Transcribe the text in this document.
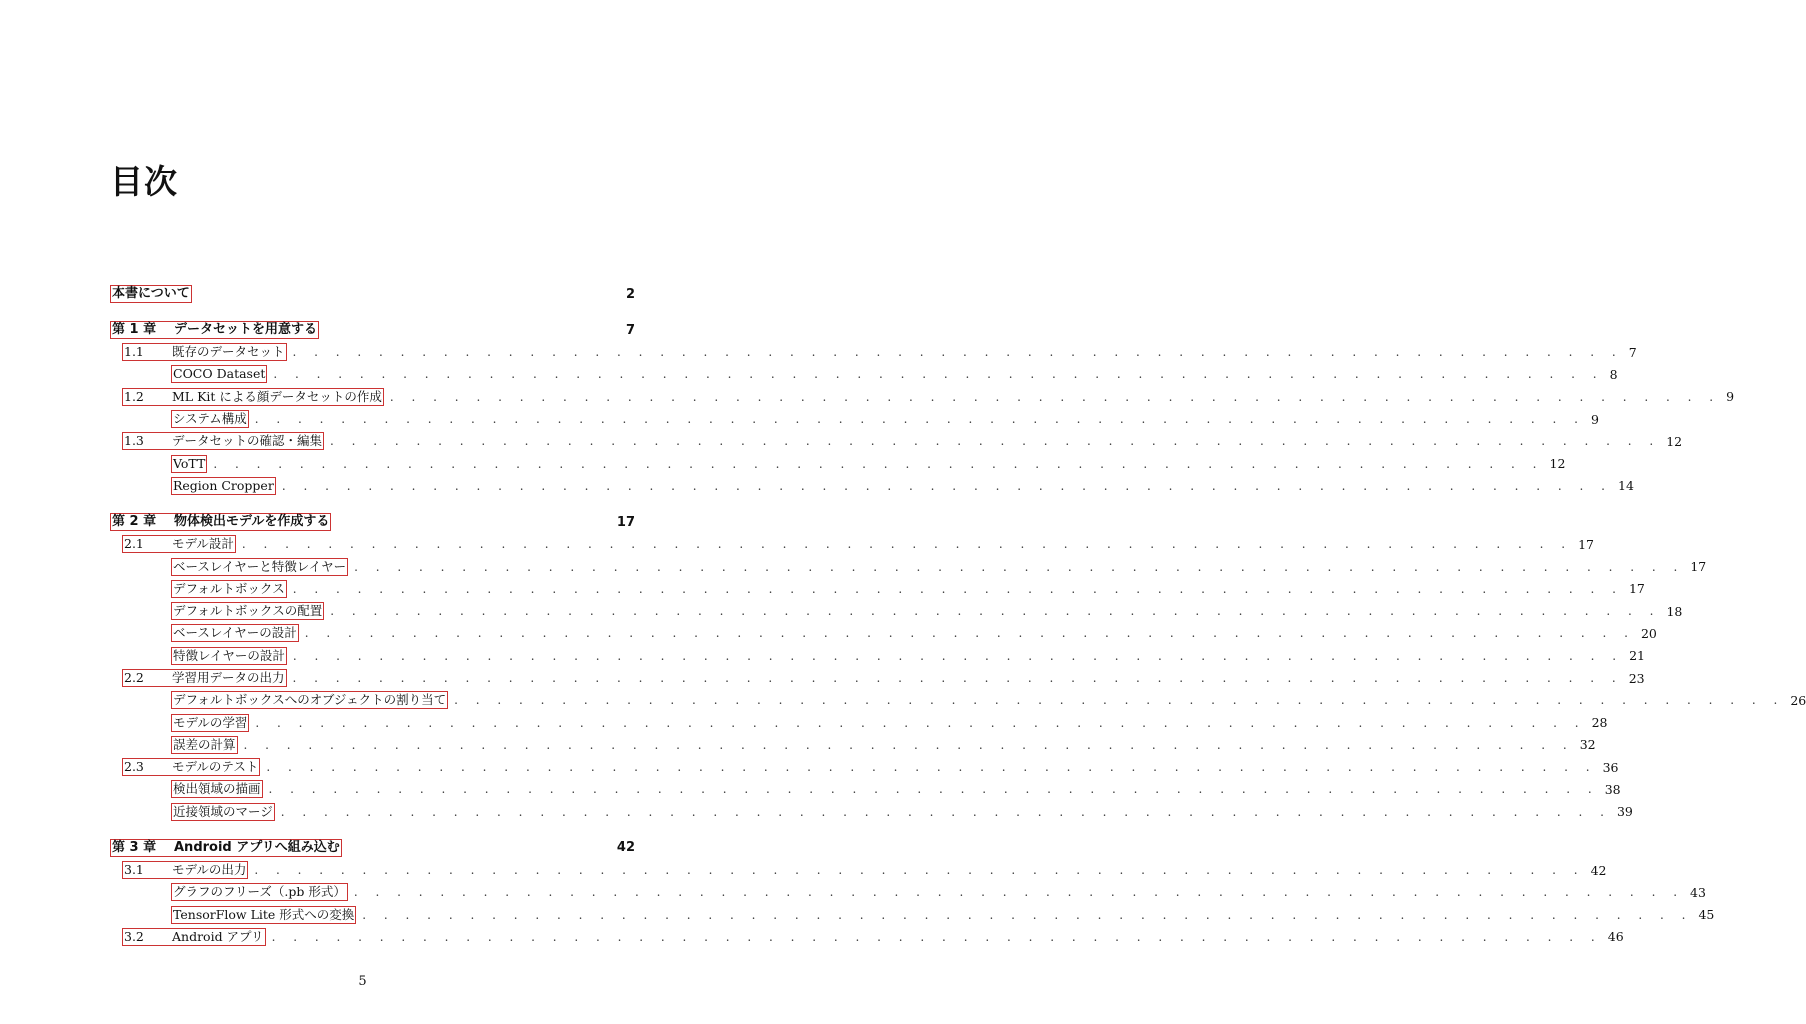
目次
本書について	2
第 1 章	データセットを用意する	7
1.1	既存のデータセット . . . . . . . . . . . . . . . . . . . . . . . . . . . . . . . . . . . . . . . . . . . . . . . . . . . . . . . . . . . . . . 7
COCO Dataset . . . . . . . . . . . . . . . . . . . . . . . . . . . . . . . . . . . . . . . . . . . . . . . . . . . . . . . . . . . . . . 8
1.2	ML Kit による顔データセットの作成 . . . . . . . . . . . . . . . . . . . . . . . . . . . . . . . . . . . . . . . . . . . . . . . . . . . . . . . . . . . . . . 9
システム構成 . . . . . . . . . . . . . . . . . . . . . . . . . . . . . . . . . . . . . . . . . . . . . . . . . . . . . . . . . . . . . . 9
1.3	データセットの確認・編集 . . . . . . . . . . . . . . . . . . . . . . . . . . . . . . . . . . . . . . . . . . . . . . . . . . . . . . . . . . . . . . 12
VoTT . . . . . . . . . . . . . . . . . . . . . . . . . . . . . . . . . . . . . . . . . . . . . . . . . . . . . . . . . . . . . . 12
Region Cropper . . . . . . . . . . . . . . . . . . . . . . . . . . . . . . . . . . . . . . . . . . . . . . . . . . . . . . . . . . . . . . 14
第 2 章	物体検出モデルを作成する	17
2.1	モデル設計 . . . . . . . . . . . . . . . . . . . . . . . . . . . . . . . . . . . . . . . . . . . . . . . . . . . . . . . . . . . . . . 17
ベースレイヤーと特徴レイヤー . . . . . . . . . . . . . . . . . . . . . . . . . . . . . . . . . . . . . . . . . . . . . . . . . . . . . . . . . . . . . . 17
デフォルトボックス . . . . . . . . . . . . . . . . . . . . . . . . . . . . . . . . . . . . . . . . . . . . . . . . . . . . . . . . . . . . . . 17
デフォルトボックスの配置 . . . . . . . . . . . . . . . . . . . . . . . . . . . . . . . . . . . . . . . . . . . . . . . . . . . . . . . . . . . . . . 18
ベースレイヤーの設計 . . . . . . . . . . . . . . . . . . . . . . . . . . . . . . . . . . . . . . . . . . . . . . . . . . . . . . . . . . . . . . 20
特徴レイヤーの設計 . . . . . . . . . . . . . . . . . . . . . . . . . . . . . . . . . . . . . . . . . . . . . . . . . . . . . . . . . . . . . . 21
2.2	学習用データの出力 . . . . . . . . . . . . . . . . . . . . . . . . . . . . . . . . . . . . . . . . . . . . . . . . . . . . . . . . . . . . . . 23
デフォルトボックスへのオブジェクトの割り当て . . . . . . . . . . . . . . . . . . . . . . . . . . . . . . . . . . . . . . . . . . . . . . . . . . . . . . . . . . . . . . 26
モデルの学習 . . . . . . . . . . . . . . . . . . . . . . . . . . . . . . . . . . . . . . . . . . . . . . . . . . . . . . . . . . . . . . 28
誤差の計算 . . . . . . . . . . . . . . . . . . . . . . . . . . . . . . . . . . . . . . . . . . . . . . . . . . . . . . . . . . . . . . 32
2.3	モデルのテスト . . . . . . . . . . . . . . . . . . . . . . . . . . . . . . . . . . . . . . . . . . . . . . . . . . . . . . . . . . . . . . 36
検出領域の描画 . . . . . . . . . . . . . . . . . . . . . . . . . . . . . . . . . . . . . . . . . . . . . . . . . . . . . . . . . . . . . . 38
近接領域のマージ . . . . . . . . . . . . . . . . . . . . . . . . . . . . . . . . . . . . . . . . . . . . . . . . . . . . . . . . . . . . . . 39
第 3 章	Android アプリへ組み込む	42
3.1	モデルの出力 . . . . . . . . . . . . . . . . . . . . . . . . . . . . . . . . . . . . . . . . . . . . . . . . . . . . . . . . . . . . . . 42
グラフのフリーズ（.pb 形式） . . . . . . . . . . . . . . . . . . . . . . . . . . . . . . . . . . . . . . . . . . . . . . . . . . . . . . . . . . . . . . 43
TensorFlow Lite 形式への変換 . . . . . . . . . . . . . . . . . . . . . . . . . . . . . . . . . . . . . . . . . . . . . . . . . . . . . . . . . . . . . . 45
3.2	Android アプリ . . . . . . . . . . . . . . . . . . . . . . . . . . . . . . . . . . . . . . . . . . . . . . . . . . . . . . . . . . . . . . 46
5
